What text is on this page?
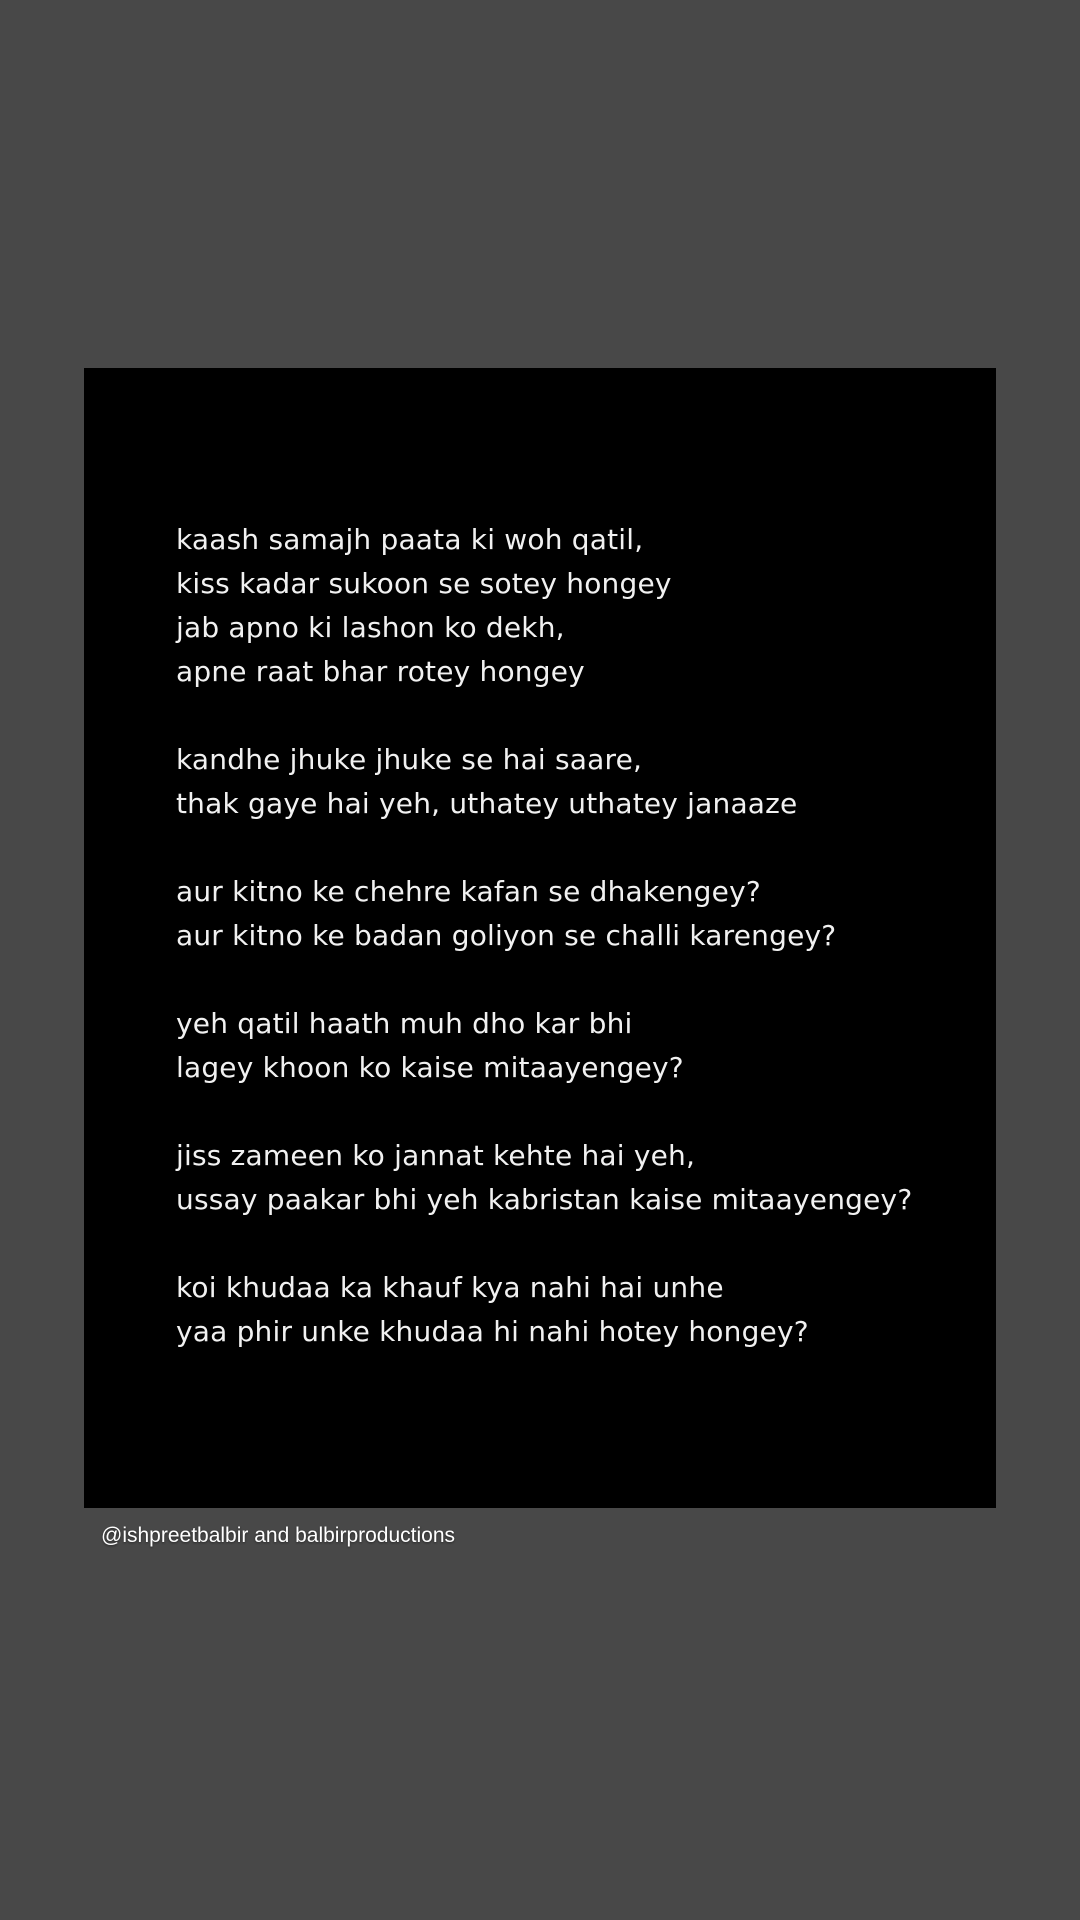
kaash samajh paata ki woh qatil,
kiss kadar sukoon se sotey hongey
jab apno ki lashon ko dekh,
apne raat bhar rotey hongey
kandhe jhuke jhuke se hai saare,
thak gaye hai yeh, uthatey uthatey janaaze
aur kitno ke chehre kafan se dhakengey?
aur kitno ke badan goliyon se challi karengey?
yeh qatil haath muh dho kar bhi
lagey khoon ko kaise mitaayengey?
jiss zameen ko jannat kehte hai yeh,
ussay paakar bhi yeh kabristan kaise mitaayengey?
koi khudaa ka khauf kya nahi hai unhe
yaa phir unke khudaa hi nahi hotey hongey?
@ishpreetbalbir and balbirproductions
